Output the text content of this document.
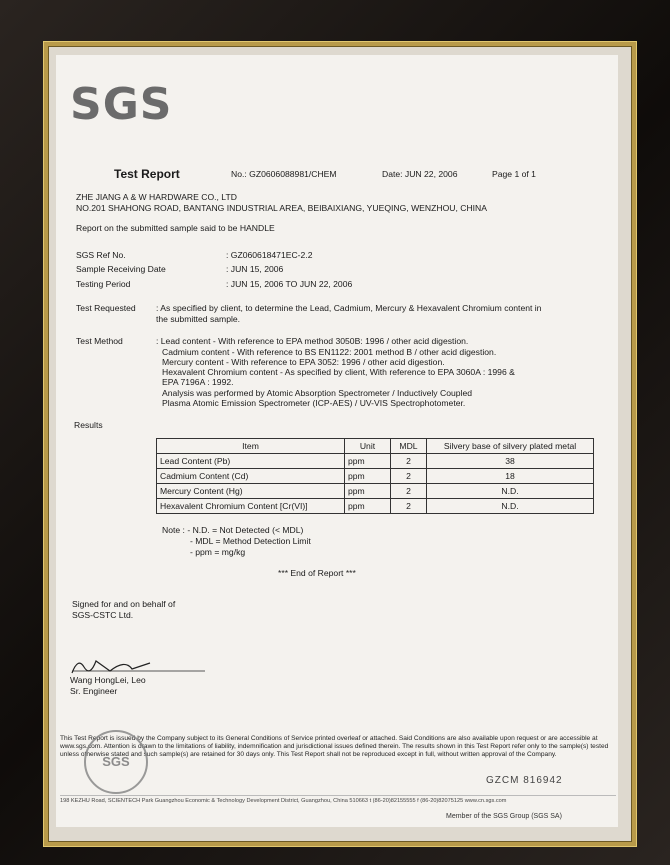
SGS
Test Report	No.: GZ0606088981/CHEM	Date: JUN 22, 2006	Page 1 of 1
ZHE JIANG A & W HARDWARE CO., LTD
NO.201 SHAHONG ROAD, BANTANG INDUSTRIAL AREA, BEIBAIXIANG, YUEQING, WENZHOU, CHINA
Report on the submitted sample said to be HANDLE
SGS Ref No.	: GZ060618471EC-2.2
Sample Receiving Date	: JUN 15, 2006
Testing Period	: JUN 15, 2006 TO JUN 22, 2006
Test Requested : As specified by client, to determine the Lead, Cadmium, Mercury & Hexavalent Chromium content in the submitted sample.
Test Method	: Lead content - With reference to EPA method 3050B: 1996 / other acid digestion.
Cadmium content - With reference to BS EN1122: 2001 method B / other acid digestion.
Mercury content - With reference to EPA 3052: 1996 / other acid digestion.
Hexavalent Chromium content - As specified by client, With reference to EPA 3060A : 1996 &
EPA 7196A : 1992.
Analysis was performed by Atomic Absorption Spectrometer / Inductively Coupled
Plasma Atomic Emission Spectrometer (ICP-AES) / UV-VIS Spectrophotometer.
Results
Item	Unit	MDL	Silvery base of silvery plated metal
Lead Content (Pb)	ppm	2	38
Cadmium Content (Cd)	ppm	2	18
Mercury Content (Hg)	ppm	2	N.D.
Hexavalent Chromium Content [Cr(VI)]	ppm	2	N.D.
Note : - N.D. = Not Detected (< MDL)
- MDL = Method Detection Limit
- ppm = mg/kg
*** End of Report ***
Signed for and on behalf of
SGS-CSTC Ltd.
Wang HongLei, Leo
Sr. Engineer
This Test Report is issued by the Company subject to its General Conditions of Service printed overleaf or attached. Said Conditions are also available upon request or are accessible at www.sgs.com. Attention is drawn to the limitations of liability, indemnification and jurisdictional issues defined therein. The results shown in this Test Report refer only to the sample(s) tested unless otherwise stated and such sample(s) are retained for 30 days only. This Test Report shall not be reproduced except in full, without written approval of the Company.
SGS
GZCM 816942
198 KEZHU Road, SCIENTECH Park Guangzhou Economic & Technology Development District, Guangzhou, China 510663 t (86-20)82155555 f (86-20)82075125 www.cn.sgs.com
Member of the SGS Group (SGS SA)
